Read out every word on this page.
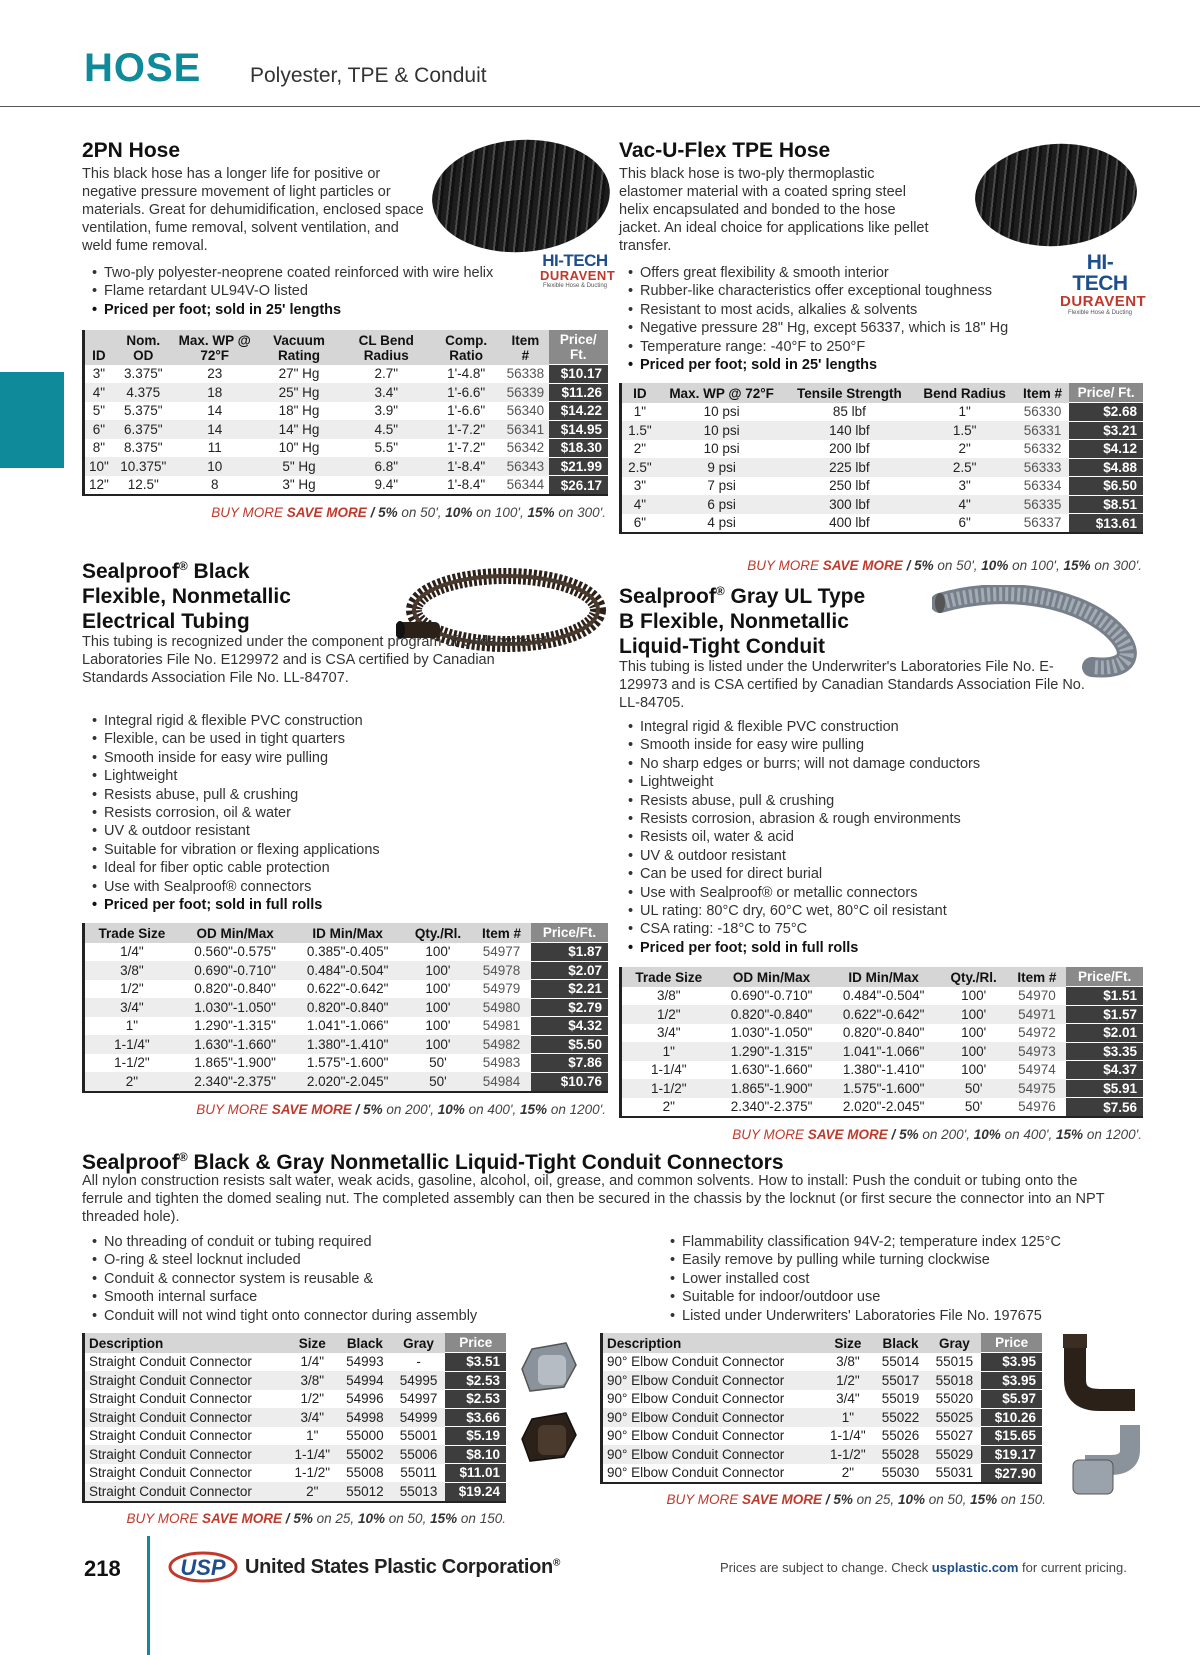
HOSE Polyester, TPE & Conduit
2PN Hose
This black hose has a longer life for positive or negative pressure movement of light particles or materials. Great for dehumidification, enclosed space ventilation, fume removal, solvent ventilation, and weld fume removal.
HI-TECH
DURAVENT
Flexible Hose & Ducting
• Two-ply polyester-neoprene coated reinforced with wire helix
• Flame retardant UL94V-O listed
• Priced per foot; sold in 25' lengths
ID	Nom. OD	Max. WP @ 72°F	Vacuum Rating	CL Bend Radius	Comp. Ratio	Item #	Price/ Ft.
3"	3.375"	23	27" Hg	2.7"	1'-4.8"	56338	$10.17
4"	4.375	18	25" Hg	3.4"	1'-6.6"	56339	$11.26
5"	5.375"	14	18" Hg	3.9"	1'-6.6"	56340	$14.22
6"	6.375"	14	14" Hg	4.5"	1'-7.2"	56341	$14.95
8"	8.375"	11	10" Hg	5.5"	1'-7.2"	56342	$18.30
10"	10.375"	10	5" Hg	6.8"	1'-8.4"	56343	$21.99
12"	12.5"	8	3" Hg	9.4"	1'-8.4"	56344	$26.17
BUY MORE SAVE MORE / 5% on 50', 10% on 100', 15% on 300'.
Vac-U-Flex TPE Hose
This black hose is two-ply thermoplastic elastomer material with a coated spring steel helix encapsulated and bonded to the hose jacket. An ideal choice for applications like pellet transfer.
HI-TECH
DURAVENT
Flexible Hose & Ducting
• Offers great flexibility & smooth interior
• Rubber-like characteristics offer exceptional toughness
• Resistant to most acids, alkalies & solvents
• Negative pressure 28" Hg, except 56337, which is 18" Hg
• Temperature range: -40°F to 250°F
• Priced per foot; sold in 25' lengths
ID	Max. WP @ 72°F	Tensile Strength	Bend Radius	Item #	Price/ Ft.
1"	10 psi	85 lbf	1"	56330	$2.68
1.5"	10 psi	140 lbf	1.5"	56331	$3.21
2"	10 psi	200 lbf	2"	56332	$4.12
2.5"	9 psi	225 lbf	2.5"	56333	$4.88
3"	7 psi	250 lbf	3"	56334	$6.50
4"	6 psi	300 lbf	4"	56335	$8.51
6"	4 psi	400 lbf	6"	56337	$13.61
BUY MORE SAVE MORE / 5% on 50', 10% on 100', 15% on 300'.
Sealproof® Black
Flexible, Nonmetallic
Electrical Tubing
This tubing is recognized under the component program of Underwriters' Laboratories File No. E129972 and is CSA certified by Canadian Standards Association File No. LL-84707.
• Integral rigid & flexible PVC construction
• Flexible, can be used in tight quarters
• Smooth inside for easy wire pulling
• Lightweight
• Resists abuse, pull & crushing
• Resists corrosion, oil & water
• UV & outdoor resistant
• Suitable for vibration or flexing applications
• Ideal for fiber optic cable protection
• Use with Sealproof® connectors
• Priced per foot; sold in full rolls
Trade Size	OD Min/Max	ID Min/Max	Qty./Rl.	Item #	Price/Ft.
1/4"	0.560"-0.575"	0.385"-0.405"	100'	54977	$1.87
3/8"	0.690"-0.710"	0.484"-0.504"	100'	54978	$2.07
1/2"	0.820"-0.840"	0.622"-0.642"	100'	54979	$2.21
3/4"	1.030"-1.050"	0.820"-0.840"	100'	54980	$2.79
1"	1.290"-1.315"	1.041"-1.066"	100'	54981	$4.32
1-1/4"	1.630"-1.660"	1.380"-1.410"	100'	54982	$5.50
1-1/2"	1.865"-1.900"	1.575"-1.600"	50'	54983	$7.86
2"	2.340"-2.375"	2.020"-2.045"	50'	54984	$10.76
BUY MORE SAVE MORE / 5% on 200', 10% on 400', 15% on 1200'.
Sealproof® Gray UL Type
B Flexible, Nonmetallic
Liquid-Tight Conduit
This tubing is listed under the Underwriter's Laboratories File No. E-129973 and is CSA certified by Canadian Standards Association File No. LL-84705.
• Integral rigid & flexible PVC construction
• Smooth inside for easy wire pulling
• No sharp edges or burrs; will not damage conductors
• Lightweight
• Resists abuse, pull & crushing
• Resists corrosion, abrasion & rough environments
• Resists oil, water & acid
• UV & outdoor resistant
• Can be used for direct burial
• Use with Sealproof® or metallic connectors
• UL rating: 80°C dry, 60°C wet, 80°C oil resistant
• CSA rating: -18°C to 75°C
• Priced per foot; sold in full rolls
Trade Size	OD Min/Max	ID Min/Max	Qty./Rl.	Item #	Price/Ft.
3/8"	0.690"-0.710"	0.484"-0.504"	100'	54970	$1.51
1/2"	0.820"-0.840"	0.622"-0.642"	100'	54971	$1.57
3/4"	1.030"-1.050"	0.820"-0.840"	100'	54972	$2.01
1"	1.290"-1.315"	1.041"-1.066"	100'	54973	$3.35
1-1/4"	1.630"-1.660"	1.380"-1.410"	100'	54974	$4.37
1-1/2"	1.865"-1.900"	1.575"-1.600"	50'	54975	$5.91
2"	2.340"-2.375"	2.020"-2.045"	50'	54976	$7.56
BUY MORE SAVE MORE / 5% on 200', 10% on 400', 15% on 1200'.
Sealproof® Black & Gray Nonmetallic Liquid-Tight Conduit Connectors
All nylon construction resists salt water, weak acids, gasoline, alcohol, oil, grease, and common solvents. How to install: Push the conduit or tubing onto the ferrule and tighten the domed sealing nut. The completed assembly can then be secured in the chassis by the locknut (or first secure the connector into an NPT threaded hole).
• No threading of conduit or tubing required
• O-ring & steel locknut included
• Conduit & connector system is reusable &
• Smooth internal surface
• Conduit will not wind tight onto connector during assembly
• Flammability classification 94V-2; temperature index 125°C
• Easily remove by pulling while turning clockwise
• Lower installed cost
• Suitable for indoor/outdoor use
• Listed under Underwriters' Laboratories File No. 197675
Description	Size	Black	Gray	Price
Straight Conduit Connector	1/4"	54993	-	$3.51
Straight Conduit Connector	3/8"	54994	54995	$2.53
Straight Conduit Connector	1/2"	54996	54997	$2.53
Straight Conduit Connector	3/4"	54998	54999	$3.66
Straight Conduit Connector	1"	55000	55001	$5.19
Straight Conduit Connector	1-1/4"	55002	55006	$8.10
Straight Conduit Connector	1-1/2"	55008	55011	$11.01
Straight Conduit Connector	2"	55012	55013	$19.24
BUY MORE SAVE MORE / 5% on 25, 10% on 50, 15% on 150.
Description	Size	Black	Gray	Price
90° Elbow Conduit Connector	3/8"	55014	55015	$3.95
90° Elbow Conduit Connector	1/2"	55017	55018	$3.95
90° Elbow Conduit Connector	3/4"	55019	55020	$5.97
90° Elbow Conduit Connector	1"	55022	55025	$10.26
90° Elbow Conduit Connector	1-1/4"	55026	55027	$15.65
90° Elbow Conduit Connector	1-1/2"	55028	55029	$19.17
90° Elbow Conduit Connector	2"	55030	55031	$27.90
BUY MORE SAVE MORE / 5% on 25, 10% on 50, 15% on 150.
218	USP United States Plastic Corporation®	Prices are subject to change. Check usplastic.com for current pricing.
